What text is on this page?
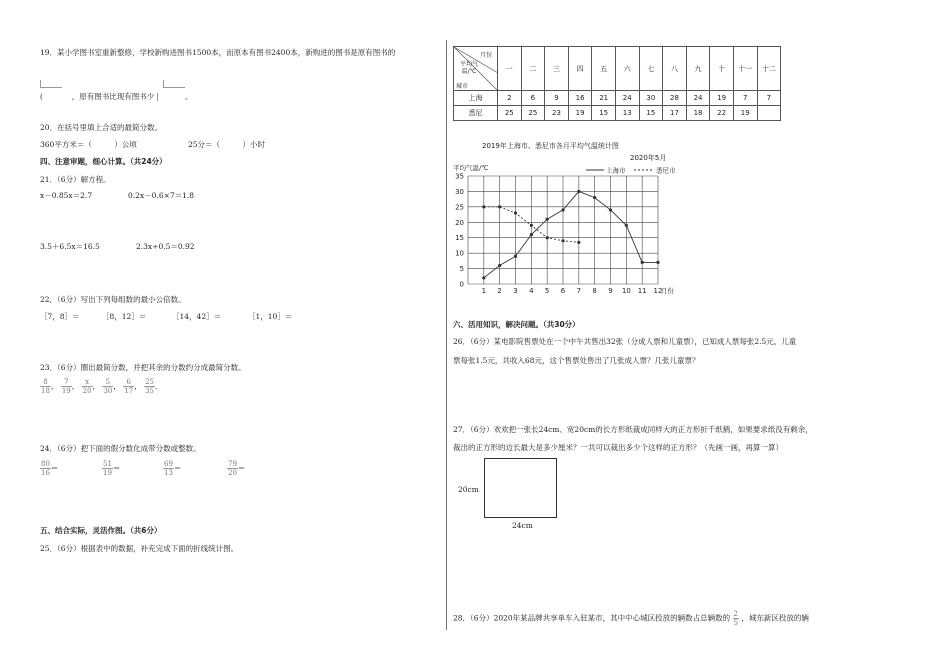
19．某小学图书室重新整修，学校新购进图书1500本，而原本有图书2400本，新购进的图书是原有图书的
(	，原有图书比现有图书少	。
20．在括号里填上合适的最简分数。
360平方米＝（　　　）公顷	25分＝（　　　）小时
四、注意审题，细心计算。（共24分）
21．（6分）解方程。
x－0.85x＝2.7	0.2x－0.6×7＝1.8
3.5＋6.5x＝16.5	2.3x÷0.5＝0.92
22．（6分）写出下列每组数的最小公倍数。
［7，8］＝	［8，12］＝	［14，42］＝	［1，10］＝
23．（6分）圈出最简分数，并把其余的分数约分成最简分数。
$\frac{8}{18}$ ， $\frac{7}{19}$ ， $\frac{x}{20}$ ， $\frac{5}{30}$ ， $\frac{6}{17}$ ， $\frac{25}{35}$ ．
24．（6分）把下面的假分数化成带分数或整数。
$\frac{80}{16}$ ＝	$\frac{51}{19}$ ＝	$\frac{69}{13}$ ＝	$\frac{79}{20}$ ＝
五、结合实际，灵活作图。（共6分）
25．（6分）根据表中的数据，补充完成下面的折线统计图。
月份
平均气温/℃
城市	一	二	三	四	五	六	七	八	九	十	十一	十二
上海	2	6	9	16	21	24	30	28	24	19	7	7
悉尼	25	25	23	19	15	13	15	17	18	22	19	
2019年上海市、悉尼市各月平均气温统计图
2020年5月
平均气温/℃
0
5
10
15
20
25
30
35
1 2 3 4 5 6 7 8 9 10 11 12
月份
上海市	悉尼市
六、活用知识，解决问题。（共30分）
26．（6分）某电影院售票处在一个中午共售出32张（分成人票和儿童票），已知成人票每张2.5元，儿童
票每张1.5元，共收入68元，这个售票处售出了几张成人票？几张儿童票？
27．（6分）欢欢把一张长24cm、宽20cm的长方形纸裁成同样大的正方形折千纸鹤，如果要求纸没有剩余，
裁出的正方形的边长最大是多少厘米？一共可以裁出多少个这样的正方形？（先画一画，再算一算）
20cm
24cm
28．（6分）2020年某品牌共享单车入驻某市，其中中心城区投放的辆数占总辆数的 $\frac{2}{5}$ ，城东新区投放的辆
